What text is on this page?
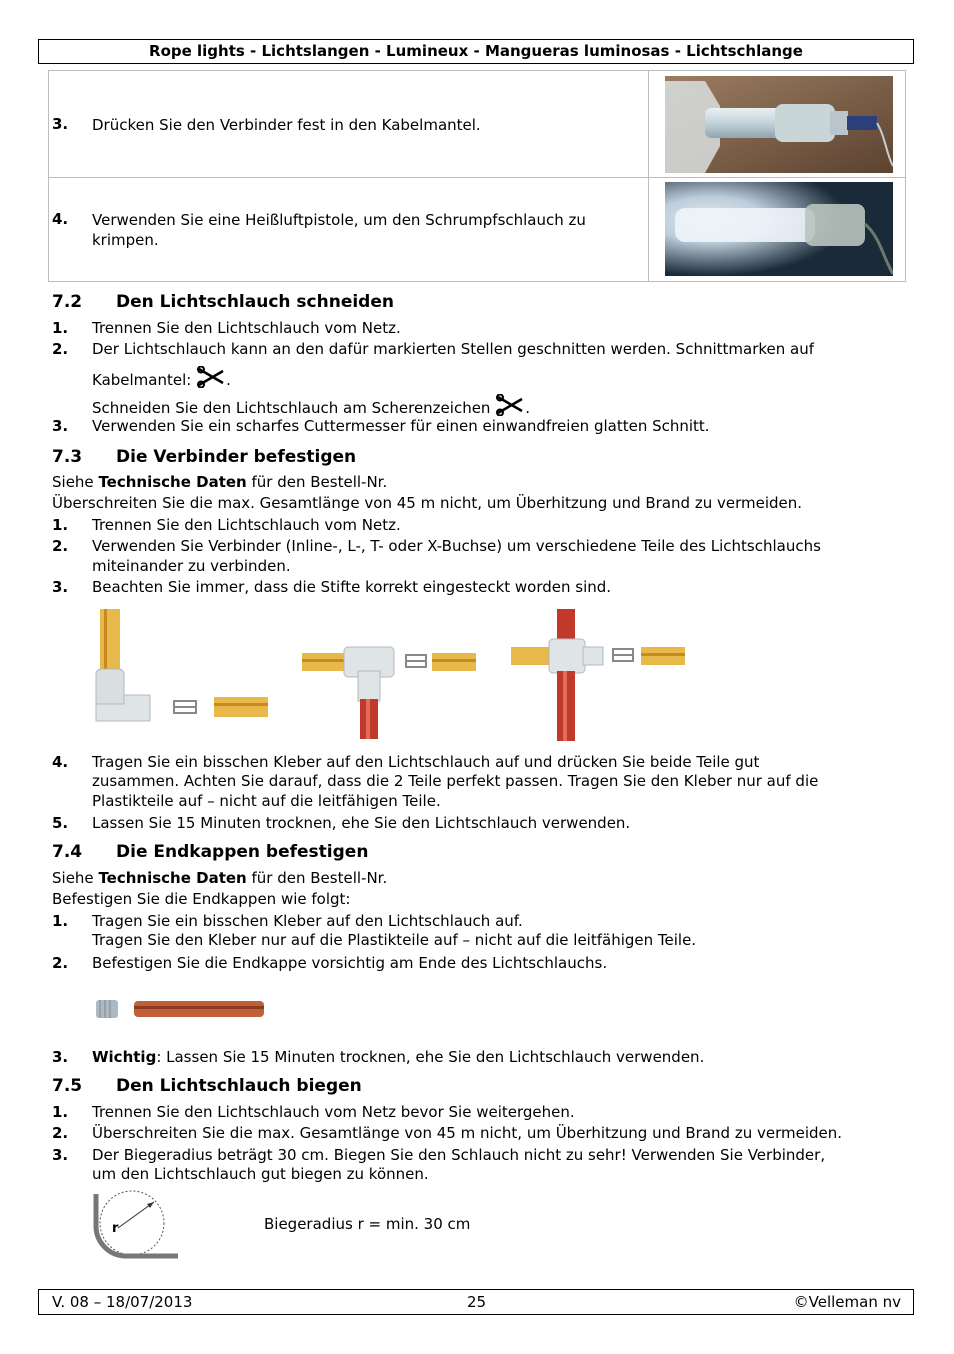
Rope lights - Lichtslangen - Lumineux - Mangueras luminosas - Lichtschlange
3. Drücken Sie den Verbinder fest in den Kabelmantel.
4. Verwenden Sie eine Heißluftpistole, um den Schrumpfschlauch zu krimpen.
7.2 Den Lichtschlauch schneiden
1. Trennen Sie den Lichtschlauch vom Netz.
2. Der Lichtschlauch kann an den dafür markierten Stellen geschnitten werden. Schnittmarken auf
Kabelmantel: .
Schneiden Sie den Lichtschlauch am Scherenzeichen .
3. Verwenden Sie ein scharfes Cuttermesser für einen einwandfreien glatten Schnitt.
7.3 Die Verbinder befestigen
Siehe Technische Daten für den Bestell-Nr.
Überschreiten Sie die max. Gesamtlänge von 45 m nicht, um Überhitzung und Brand zu vermeiden.
1. Trennen Sie den Lichtschlauch vom Netz.
2. Verwenden Sie Verbinder (Inline-, L-, T- oder X-Buchse) um verschiedene Teile des Lichtschlauchs
miteinander zu verbinden.
3. Beachten Sie immer, dass die Stifte korrekt eingesteckt worden sind.
4. Tragen Sie ein bisschen Kleber auf den Lichtschlauch auf und drücken Sie beide Teile gut
zusammen. Achten Sie darauf, dass die 2 Teile perfekt passen. Tragen Sie den Kleber nur auf die
Plastikteile auf – nicht auf die leitfähigen Teile.
5. Lassen Sie 15 Minuten trocknen, ehe Sie den Lichtschlauch verwenden.
7.4 Die Endkappen befestigen
Siehe Technische Daten für den Bestell-Nr.
Befestigen Sie die Endkappen wie folgt:
1. Tragen Sie ein bisschen Kleber auf den Lichtschlauch auf.
Tragen Sie den Kleber nur auf die Plastikteile auf – nicht auf die leitfähigen Teile.
2. Befestigen Sie die Endkappe vorsichtig am Ende des Lichtschlauchs.
3. Wichtig: Lassen Sie 15 Minuten trocknen, ehe Sie den Lichtschlauch verwenden.
7.5 Den Lichtschlauch biegen
1. Trennen Sie den Lichtschlauch vom Netz bevor Sie weitergehen.
2. Überschreiten Sie die max. Gesamtlänge von 45 m nicht, um Überhitzung und Brand zu vermeiden.
3. Der Biegeradius beträgt 30 cm. Biegen Sie den Schlauch nicht zu sehr! Verwenden Sie Verbinder,
um den Lichtschlauch gut biegen zu können.
r	Biegeradius r = min. 30 cm
V. 08 – 18/07/2013	25	©Velleman nv
